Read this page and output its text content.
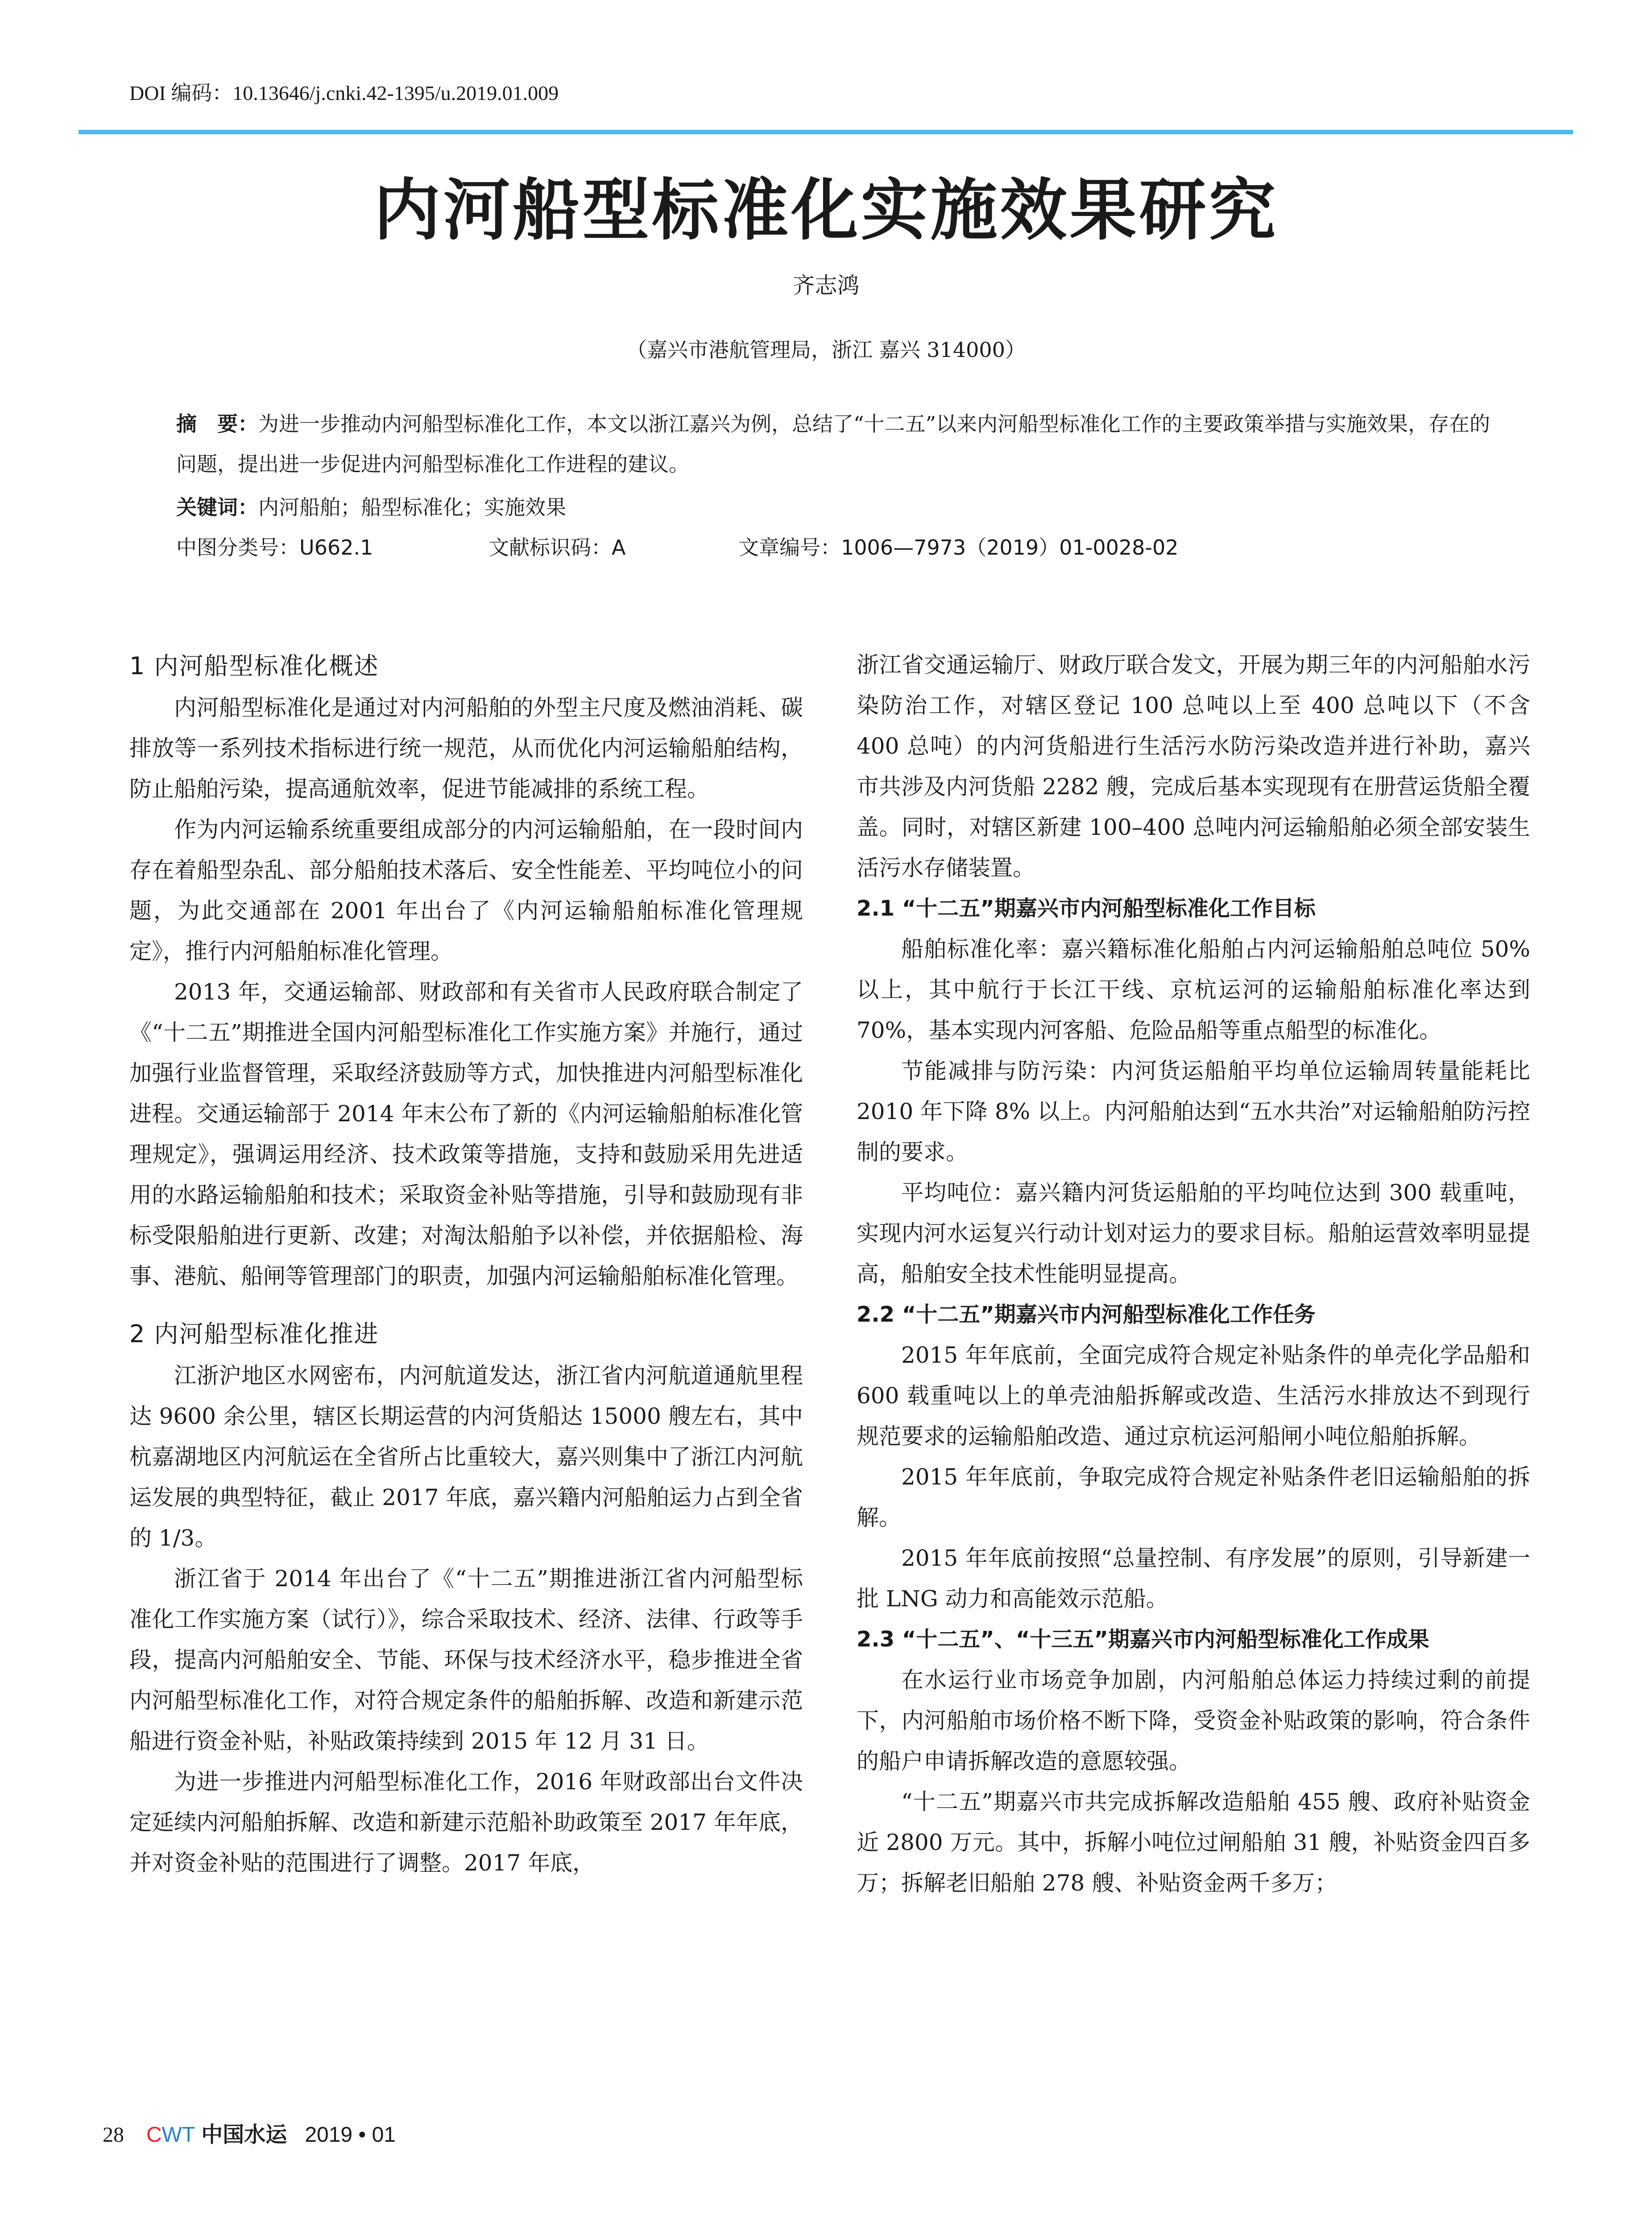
DOI 编码：10.13646/j.cnki.42-1395/u.2019.01.009
内河船型标准化实施效果研究
齐志鸿
（嘉兴市港航管理局，浙江 嘉兴 314000）
摘　要：为进一步推动内河船型标准化工作，本文以浙江嘉兴为例，总结了“十二五”以来内河船型标准化工作的主要政策举措与实施效果，存在的问题，提出进一步促进内河船型标准化工作进程的建议。
关键词：内河船舶；船型标准化；实施效果
中图分类号：U662.1	文献标识码：A	文章编号：1006—7973（2019）01-0028-02
1 内河船型标准化概述

内河船型标准化是通过对内河船舶的外型主尺度及燃油消耗、碳排放等一系列技术指标进行统一规范，从而优化内河运输船舶结构，防止船舶污染，提高通航效率，促进节能减排的系统工程。

作为内河运输系统重要组成部分的内河运输船舶，在一段时间内存在着船型杂乱、部分船舶技术落后、安全性能差、平均吨位小的问题，为此交通部在 2001 年出台了《内河运输船舶标准化管理规定》，推行内河船舶标准化管理。

2013 年，交通运输部、财政部和有关省市人民政府联合制定了《“十二五”期推进全国内河船型标准化工作实施方案》并施行，通过加强行业监督管理，采取经济鼓励等方式，加快推进内河船型标准化进程。交通运输部于 2014 年末公布了新的《内河运输船舶标准化管理规定》，强调运用经济、技术政策等措施，支持和鼓励采用先进适用的水路运输船舶和技术；采取资金补贴等措施，引导和鼓励现有非标受限船舶进行更新、改建；对淘汰船舶予以补偿，并依据船检、海事、港航、船闸等管理部门的职责，加强内河运输船舶标准化管理。

2 内河船型标准化推进

江浙沪地区水网密布，内河航道发达，浙江省内河航道通航里程达 9600 余公里，辖区长期运营的内河货船达 15000 艘左右，其中杭嘉湖地区内河航运在全省所占比重较大，嘉兴则集中了浙江内河航运发展的典型特征，截止 2017 年底，嘉兴籍内河船舶运力占到全省的 1/3。

浙江省于 2014 年出台了《“十二五”期推进浙江省内河船型标准化工作实施方案（试行）》，综合采取技术、经济、法律、行政等手段，提高内河船舶安全、节能、环保与技术经济水平，稳步推进全省内河船型标准化工作，对符合规定条件的船舶拆解、改造和新建示范船进行资金补贴，补贴政策持续到 2015 年 12 月 31 日。

为进一步推进内河船型标准化工作，2016 年财政部出台文件决定延续内河船舶拆解、改造和新建示范船补助政策至 2017 年年底，并对资金补贴的范围进行了调整。2017 年底，

浙江省交通运输厅、财政厅联合发文，开展为期三年的内河船舶水污染防治工作，对辖区登记 100 总吨以上至 400 总吨以下（不含 400 总吨）的内河货船进行生活污水防污染改造并进行补助，嘉兴市共涉及内河货船 2282 艘，完成后基本实现现有在册营运货船全覆盖。同时，对辖区新建 100–400 总吨内河运输船舶必须全部安装生活污水存储装置。

2.1 “十二五”期嘉兴市内河船型标准化工作目标

船舶标准化率：嘉兴籍标准化船舶占内河运输船舶总吨位 50% 以上，其中航行于长江干线、京杭运河的运输船舶标准化率达到 70%，基本实现内河客船、危险品船等重点船型的标准化。

节能减排与防污染：内河货运船舶平均单位运输周转量能耗比 2010 年下降 8% 以上。内河船舶达到“五水共治”对运输船舶防污控制的要求。

平均吨位：嘉兴籍内河货运船舶的平均吨位达到 300 载重吨，实现内河水运复兴行动计划对运力的要求目标。船舶运营效率明显提高，船舶安全技术性能明显提高。

2.2 “十二五”期嘉兴市内河船型标准化工作任务

2015 年年底前，全面完成符合规定补贴条件的单壳化学品船和 600 载重吨以上的单壳油船拆解或改造、生活污水排放达不到现行规范要求的运输船舶改造、通过京杭运河船闸小吨位船舶拆解。

2015 年年底前，争取完成符合规定补贴条件老旧运输船舶的拆解。

2015 年年底前按照“总量控制、有序发展”的原则，引导新建一批 LNG 动力和高能效示范船。

2.3 “十二五”、“十三五”期嘉兴市内河船型标准化工作成果

在水运行业市场竞争加剧，内河船舶总体运力持续过剩的前提下，内河船舶市场价格不断下降，受资金补贴政策的影响，符合条件的船户申请拆解改造的意愿较强。

“十二五”期嘉兴市共完成拆解改造船舶 455 艘、政府补贴资金近 2800 万元。其中，拆解小吨位过闸船舶 31 艘，补贴资金四百多万；拆解老旧船舶 278 艘、补贴资金两千多万；

28 CWT 中国水运 2019 • 01
